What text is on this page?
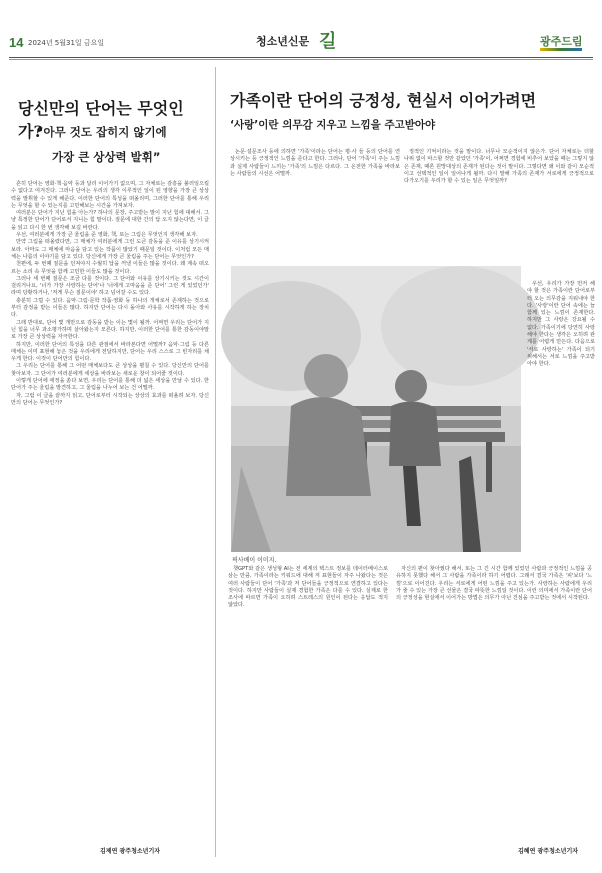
14 2024년 5월31일 금요일	청소년신문 길	광주드림
당신만의 단어는 무엇인가?
“아무 것도 잡히지 않기에
가장 큰 상상력 발휘”

흔히 단어는 영화·책·음악 등과 달리 이어가기 없으며, 그 자체로는 감흥을 불러일으킬 수 없다고 여겨진다. 그러나 단어는 우리의 생각 이루적인 일이 된 영향을 가장 큰 상상력을 발휘할 수 있게 해준다. 이러한 단어의 특성을 떠올리며, 그러한 단어를 통해 우리는 무엇을 할 수 있는지를 고민해보는 시간을 가져보자.

여러분은 단어가 지닌 힘을 아는가? 하나의 문장, 주고받는 말이 지닌 힘에 대해서. 그냥 특정한 단어가 단어로서 지니는 힘 말이다. 질문에 대한 간의 답 오지 않는다면, 이 글을 읽고 다시 한 번 생각해 보길 바란다.

우선, 여러분에게 가장 큰 울림을 준 영화, 책, 또는 그림은 무엇인지 생각해 보자.

만약 그림을 떠올렸다면, 그 매체가 여러분에게 그런 도큰 감동을 준 이유를 상기시켜 보라. 아마도 그 매체에 마음을 담고 있는 작품이 많았기 때문일 것이다. 이처럼 모든 매체는 나름의 이야기를 담고 있다. 당신에게 가장 큰 울림을 주는 단어는 무엇인가?

천편에, 두 번째 질문을 던져야지 수월히 답을 꺼낼 이들은 많을 것이다. 왜 계속 떠오르는 소리 속 무엇을 함께 고민한 이들도 많을 것이다.

그러나 세 번째 질문은 조금 다를 것이다. 그 단어와 이유를 상기시키는 것도 시간이 걸리거나요, '너가 가장 사랑하는 단어'나 '너에게 고마움을 준 단어' 그런 게 있었던가' 라며 당황하거나, '저게 무슨 질문이야' 하고 넘어갈 수도 있다.

충분히 그럴 수 있다. 음악·그림·문학 작품·영화 등 하나의 개체로서 존재하는 것으로부터 감정을 받는 이들은 많다. 하지만 단어는 다시 돌아와 사유를 시작하게 하는 장치다.

그래 반대로, 단어 몇 개만으로 감동을 받는 이는 몇이 될까. 어쩌면 우리는 단어가 지닌 힘을 너무 과소평가하며 살아왔는지 모른다. 하지만, 이러한 단어를 통한 감동이야말로 가장 큰 상상력을 자극한다.

하지만, 이러한 단어의 특성을 다른 관점에서 바라본다면 어떨까? 음악·그림 등 다른 매체는 이미 표현해 놓은 것을 우리에게 전달하지만, 단어는 우리 스스로 그 빈자리를 채우게 한다. 이것이 단어만의 힘이다.

그 우리는 단어를 통해 그 어떤 매체보다도 큰 상상을 펼칠 수 있다. 당신만의 단어를 찾아보자. 그 단어가 여러분에게 세상을 바라보는 새로운 창이 되어줄 것이다.

이렇게 단어에 애정을 쏟다 보면, 우리는 단어를 통해 더 넓은 세상을 만날 수 있다. 한 단어가 주는 울림을 발견하고, 그 울림을 나누어 보는 건 어떨까.

자, 그럼 이 글을 끝까지 읽고, 단어로부터 시작되는 상상의 효과를 떠올려 보자. 당신만의 단어는 무엇인가?

김제연 광주청소년기자
가족이란 단어의 긍정성, 현실서 이어가려면
‘사랑’이란 의무감 지우고 느낌을 주고받아야

논문·설문조사 등에 의하면 '가족'이라는 단어는 평·사 들 등의 단어를 연상시키는 등 긍정적인 느낌을 준다고 한다. 그러나, 단어 '가족'이 주는 느낌과 실제 사람들이 느끼는 '가족'의 느낌은 다르다. 그 온전한 가족을 바라보는 사람들의 시선은 어떨까.

정적인 기억이라는 것을 말이다. 너무나 모순적이지 않은가. 단어 자체로는 더할 나위 없이 따스할 것만 같았던 '가족'이, 어쩌면 경험에 비추어 보았을 때는 그렇지 않은 존재, 때론 원망대상의 존재가 된다는 것이 말이다. 그렇다면 왜 이와 같이 모순적이고 선택적인 일이 일어나게 될까. 다시 말해 가족의 존재가 서로에게 긍정적으로 다가오기를 우리가 할 수 있는 일은 무엇일까?

픽사베이 이미지.

우선, 우리가 가장 먼저 해야 할 것은 가족이란 단어로부터 오는 의무감을 지워내야 한다. '사랑'이란 단어 속에는 늘 함께 있는 느낌이 존재한다. 하지만 그 사랑은 강요될 수 없다. 가족이기에 당연히 사랑해야 한다는 생각은 오히려 관계를 어렵게 만든다. 다음으로 '서로 사랑하는' 가족이 되기 위해서는 서로 느낌을 주고받아야 한다.

챗GPT와 같은 생성형 AI는 전 세계의 텍스트 정보를 데이터베이스로 삼는 만큼, 가족이라는 키워드에 대해 저 표현들이 자주 나왔다는 것은 여러 사람들이 단어 '가족'과 저 단어들을 긍정적으로 연결하고 있다는 것이다. 하지만 사람들이 실제 경험한 가족은 다를 수 있다. 실제로 한 조사에 따르면 가족이 오히려 스트레스의 원인이 된다는 응답도 적지 않았다.

자신의 편이 찾아줬다 해서, 또는 그 긴 시간 함께 있었던 사람과 긍정적인 느낌을 공유하지 못했다 해서 그 사람을 가족이라 하기 어렵다. 그래서 결국 가족은 '피'보다 '느낌'으로 이어진다. 우리는 서로에게 어떤 느낌을 주고 있는가. 사랑하는 사람에게 우리가 줄 수 있는 가장 큰 선물은 결국 따뜻한 느낌일 것이다. 이런 의미에서 가족이란 단어의 긍정성을 현실에서 이어가는 방법은 의무가 아닌 진심을 주고받는 것에서 시작된다.

김혜연 광주청소년기자
